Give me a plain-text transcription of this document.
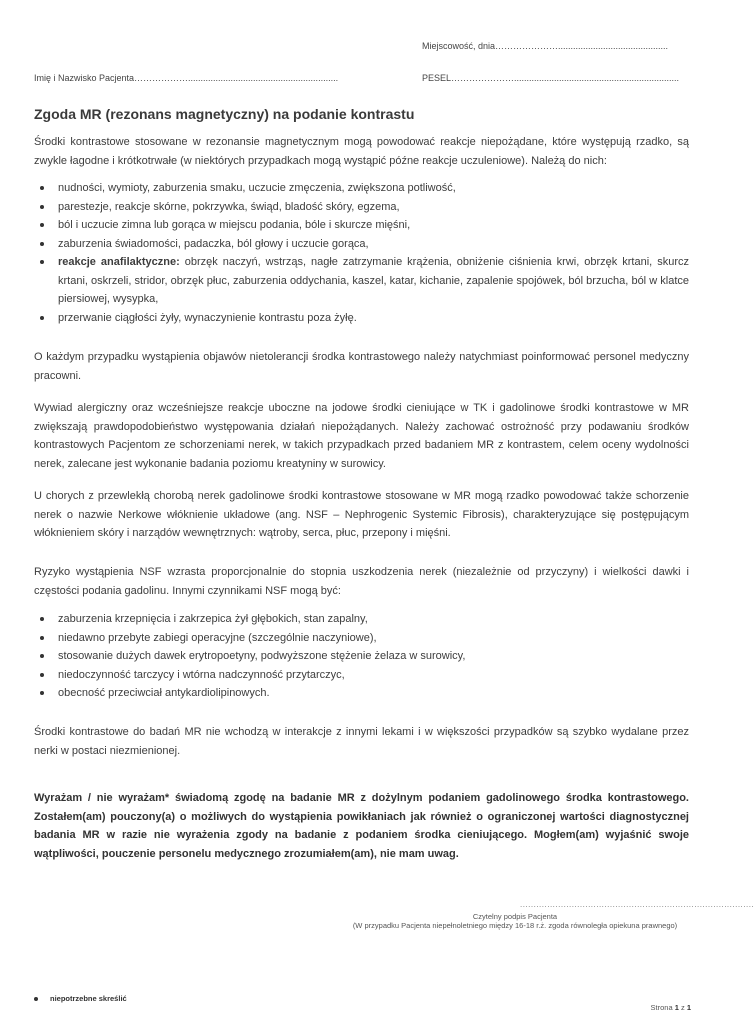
Miejscowość, dnia…………………............................................
Imię i Nazwisko Pacjenta………………............................................................	PESEL…………………..................................................................
Zgoda MR (rezonans magnetyczny) na podanie kontrastu

Środki kontrastowe stosowane w rezonansie magnetycznym mogą powodować reakcje niepożądane, które występują rzadko, są zwykle łagodne i krótkotrwałe (w niektórych przypadkach mogą wystąpić późne reakcje uczuleniowe). Należą do nich:

nudności, wymioty, zaburzenia smaku, uczucie zmęczenia, zwiększona potliwość,
parestezje, reakcje skórne, pokrzywka, świąd, bladość skóry, egzema,
ból i uczucie zimna lub gorąca w miejscu podania, bóle i skurcze mięśni,
zaburzenia świadomości, padaczka, ból głowy i uczucie gorąca,
reakcje anafilaktyczne: obrzęk naczyń, wstrząs, nagłe zatrzymanie krążenia, obniżenie ciśnienia krwi, obrzęk krtani, skurcz krtani, oskrzeli, stridor, obrzęk płuc, zaburzenia oddychania, kaszel, katar, kichanie, zapalenie spojówek, ból brzucha, ból w klatce piersiowej, wysypka,
przerwanie ciągłości żyły, wynaczynienie kontrastu poza żyłę.

O każdym przypadku wystąpienia objawów nietolerancji środka kontrastowego należy natychmiast poinformować personel medyczny pracowni.

Wywiad alergiczny oraz wcześniejsze reakcje uboczne na jodowe środki cieniujące w TK i gadolinowe środki kontrastowe w MR zwiększają prawdopodobieństwo występowania działań niepożądanych. Należy zachować ostrożność przy podawaniu środków kontrastowych Pacjentom ze schorzeniami nerek, w takich przypadkach przed badaniem MR z kontrastem, celem oceny wydolności nerek, zalecane jest wykonanie badania poziomu kreatyniny w surowicy.

U chorych z przewlekłą chorobą nerek gadolinowe środki kontrastowe stosowane w MR mogą rzadko powodować także schorzenie nerek o nazwie Nerkowe włóknienie układowe (ang. NSF – Nephrogenic Systemic Fibrosis), charakteryzujące się postępującym włóknieniem skóry i narządów wewnętrznych: wątroby, serca, płuc, przepony i mięśni.

Ryzyko wystąpienia NSF wzrasta proporcjonalnie do stopnia uszkodzenia nerek (niezależnie od przyczyny) i wielkości dawki i częstości podania gadolinu. Innymi czynnikami NSF mogą być:

zaburzenia krzepnięcia i zakrzepica żył głębokich, stan zapalny,
niedawno przebyte zabiegi operacyjne (szczególnie naczyniowe),
stosowanie dużych dawek erytropoetyny, podwyższone stężenie żelaza w surowicy,
niedoczynność tarczycy i wtórna nadczynność przytarczyc,
obecność przeciwciał antykardiolipinowych.

Środki kontrastowe do badań MR nie wchodzą w interakcje z innymi lekami i w większości przypadków są szybko wydalane przez nerki w postaci niezmienionej.

Wyrażam / nie wyrażam* świadomą zgodę na badanie MR z dożylnym podaniem gadolinowego środka kontrastowego. Zostałem(am) pouczony(a) o możliwych do wystąpienia powikłaniach jak również o ograniczonej wartości diagnostycznej badania MR w razie nie wyrażenia zgody na badanie z podaniem środka cieniującego. Mogłem(am) wyjaśnić swoje wątpliwości, pouczenie personelu medycznego zrozumiałem(am), nie mam uwag.

......................................................................................
Czytelny podpis Pacjenta
(W przypadku Pacjenta niepełnoletniego między 16-18 r.ż. zgoda równoległa opiekuna prawnego)
niepotrzebne skreślić
Strona 1 z 1
